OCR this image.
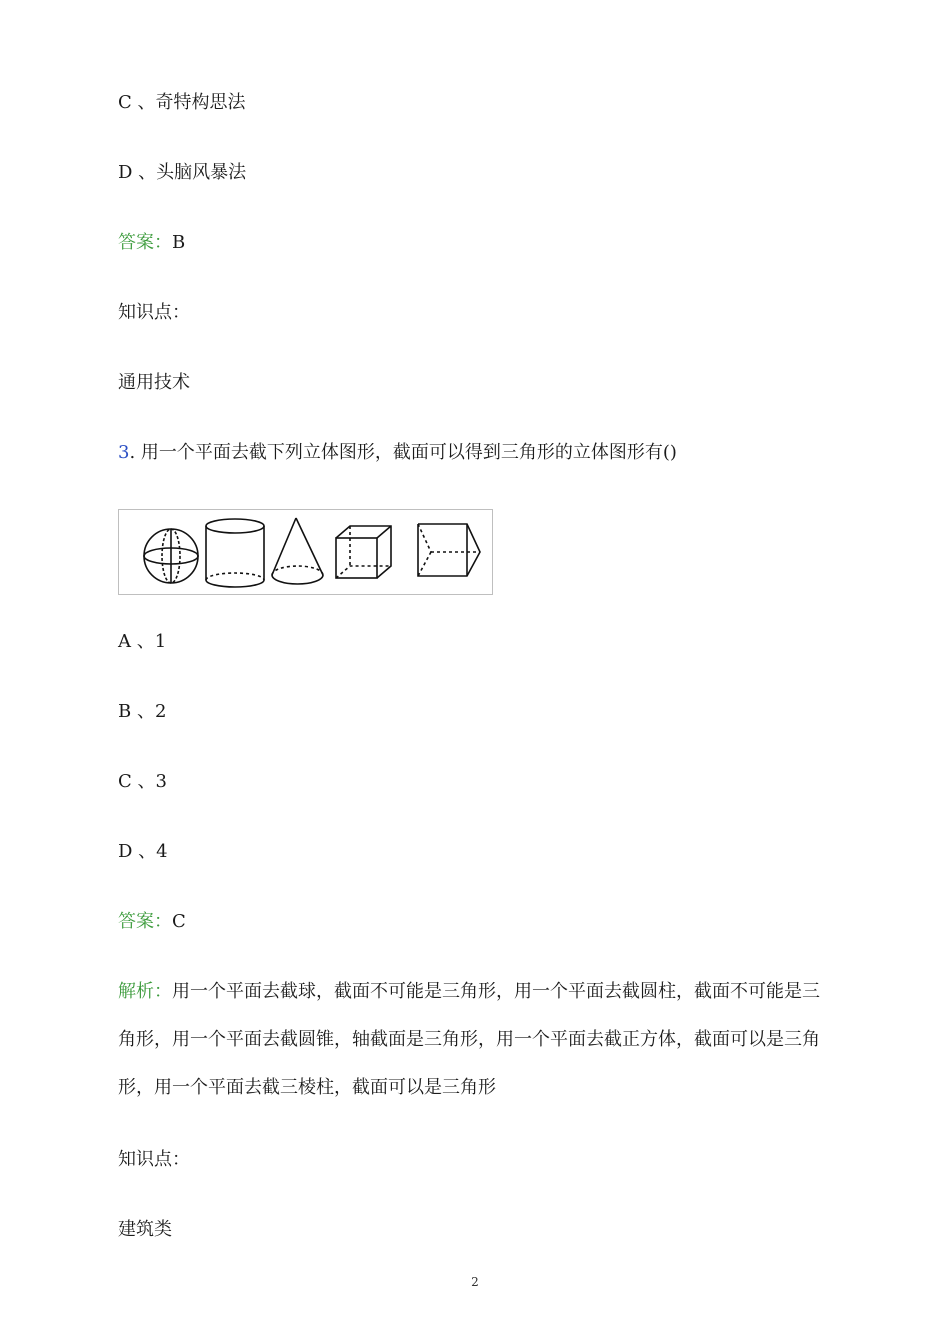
C 、奇特构思法
D 、头脑风暴法
答案：B
知识点：
通用技术
3. 用一个平面去截下列立体图形，截面可以得到三角形的立体图形有()
A 、1
B 、2
C 、3
D 、4
答案：C
解析：用一个平面去截球，截面不可能是三角形，用一个平面去截圆柱，截面不可能是三角形，用一个平面去截圆锥，轴截面是三角形，用一个平面去截正方体，截面可以是三角形，用一个平面去截三棱柱，截面可以是三角形
知识点：
建筑类
2
